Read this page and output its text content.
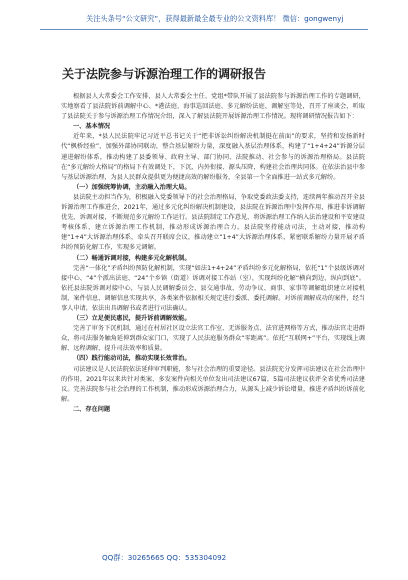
关注头条号“公文研究”，获得最新最全最专业的公文资料库！ 微信：gongwenyj
关于法院参与诉源治理工作的调研报告

根据县人大常委会工作安排，县人大常委会主任、党组*带队开展了县法院参与诉源治理工作的专题调研，实地察看了县法院诉前调解中心、*港法庭、海事巡回法庭、多元解纷法庭、调解室等处，召开了座谈会，听取了县法院关于参与诉源治理工作情况介绍，深入了解县法院开展诉源治理工作情况。现将调研情况报告如下：

一、基本情况

近年来，*县人民法院牢记习近平总书记关于“把非诉讼纠纷解决机制挺在前面”的要求，坚持和发扬新时代“枫桥经验”，加强外部协同联动，整合基层解纷力量，深度融入基层治理体系，构建了“1+4+24”诉源分层递进解纷体系，推动构建了县委领导、政府主导、部门协同、法院推动、社会参与的诉源治理格局。县法院在“多元解纷大格局”的格局下有效调处下，下沉、内外衔接、源头压降，构建社会治理共同体。在依法治县中参与基层诉源治理，为县人民群众提供更为便捷高效的解纷服务，全县第一个全面推进一站式多元解纷。

（一）加强统筹协调，主动融入治理大局。

县法院主动担当作为，积极融入党委领导下的社会治理格局，争取党委政法委支持，连续两年推动召开全县诉源治理工作推进会，2021年，通过多元化纠纷解决机制建设，县法院在诉源治理中发挥作用，推进非诉调解优先、诉调对接，不断规范多元解纷工作运行。县法院制定工作意见，将诉源治理工作纳入法治建设和平安建设考核体系，建立诉源治理工作机制，推动形成诉源治理合力。县法院坚持能动司法，主动对接，推动构建“1+4”大诉源治理体系，牵头召开联席会议，推动建立“1+4”大诉源治理体系，紧密联系解纷力量开展矛盾纠纷预防化解工作，实现多元调解。

（二）畅通诉调对接，构建多元化解机制。

完善“一体化”矛盾纠纷预防化解机制，实现“如法1+4+24”矛盾纠纷多元化解格局，依托“1”个县级诉调对接中心、“4”个派出法庭、“24”个乡镇（街道）诉调对接工作站（室），实现纠纷化解“横向到边、纵向到底”。依托县法院诉调对接中心，与县人民调解委员会、县交通事故、劳动争议、商事、家事等调解组织建立对接机制，案件信息、调解信息实现共享，各类案件依据相关规定进行委派、委托调解。对诉前调解成功的案件，经当事人申请，依法出具调解书或者进行司法确认。

（三）立足便民惠民，提升诉前调解效能。

完善了审务下沉机制，通过在村居社区设立法官工作室、无诉服务点、法官进网格等方式，推动法官走进群众，将司法服务触角延伸到群众家门口，实现了人民法庭服务群众“零距离”。依托“互联网+”平台，实现线上调解、远程调解，提升司法效率和质量。

（四）践行能动司法，推动实现长效常治。

司法建议是人民法院依法延伸审判职能，参与社会治理的重要途径。县法院充分发挥司法建议在社会治理中的作用，2021年以来共针对类案、多发案件向相关单位发出司法建议67篇，5篇司法建议获评全省优秀司法建议。完善法院参与社会治理的工作机制，推动形成诉源治理合力，从源头上减少诉讼增量，推进矛盾纠纷诉前化解。

二、存在问题

QQ群：30265665 QQ：535304092
